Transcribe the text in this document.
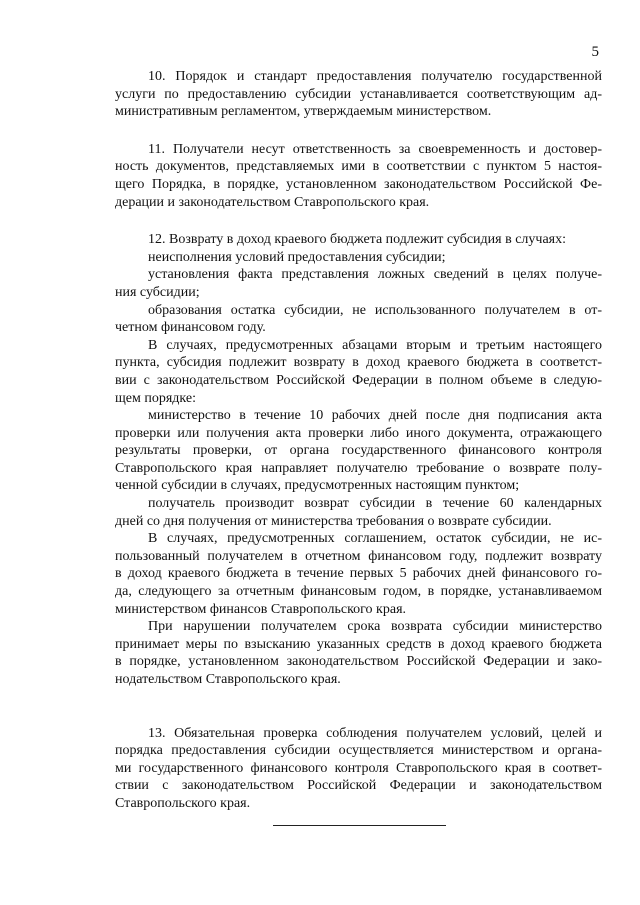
5

10. Порядок и стандарт предоставления получателю государственной

услуги по предоставлению субсидии устанавливается соответствующим ад-

министративным регламентом, утверждаемым министерством.

11. Получатели несут ответственность за своевременность и достовер-

ность документов, представляемых ими в соответствии с пунктом 5 настоя-

щего Порядка, в порядке, установленном законодательством Российской Фе-

дерации и законодательством Ставропольского края.

12. Возврату в доход краевого бюджета подлежит субсидия в случаях:

неисполнения условий предоставления субсидии;

установления факта представления ложных сведений в целях получе-

ния субсидии;

образования остатка субсидии, не использованного получателем в от-

четном финансовом году.

В случаях, предусмотренных абзацами вторым и третьим настоящего

пункта, субсидия подлежит возврату в доход краевого бюджета в соответст-

вии с законодательством Российской Федерации в полном объеме в следую-

щем порядке:

министерство в течение 10 рабочих дней после дня подписания акта

проверки или получения акта проверки либо иного документа, отражающего

результаты проверки, от органа государственного финансового контроля

Ставропольского края направляет получателю требование о возврате полу-

ченной субсидии в случаях, предусмотренных настоящим пунктом;

получатель производит возврат субсидии в течение 60 календарных

дней со дня получения от министерства требования о возврате субсидии.

В случаях, предусмотренных соглашением, остаток субсидии, не ис-

пользованный получателем в отчетном финансовом году, подлежит возврату

в доход краевого бюджета в течение первых 5 рабочих дней финансового го-

да, следующего за отчетным финансовым годом, в порядке, устанавливаемом

министерством финансов Ставропольского края.

При нарушении получателем срока возврата субсидии министерство

принимает меры по взысканию указанных средств в доход краевого бюджета

в порядке, установленном законодательством Российской Федерации и зако-

нодательством Ставропольского края.

13. Обязательная проверка соблюдения получателем условий, целей и

порядка предоставления субсидии осуществляется министерством и органа-

ми государственного финансового контроля Ставропольского края в соответ-

ствии с законодательством Российской Федерации и законодательством

Ставропольского края.
